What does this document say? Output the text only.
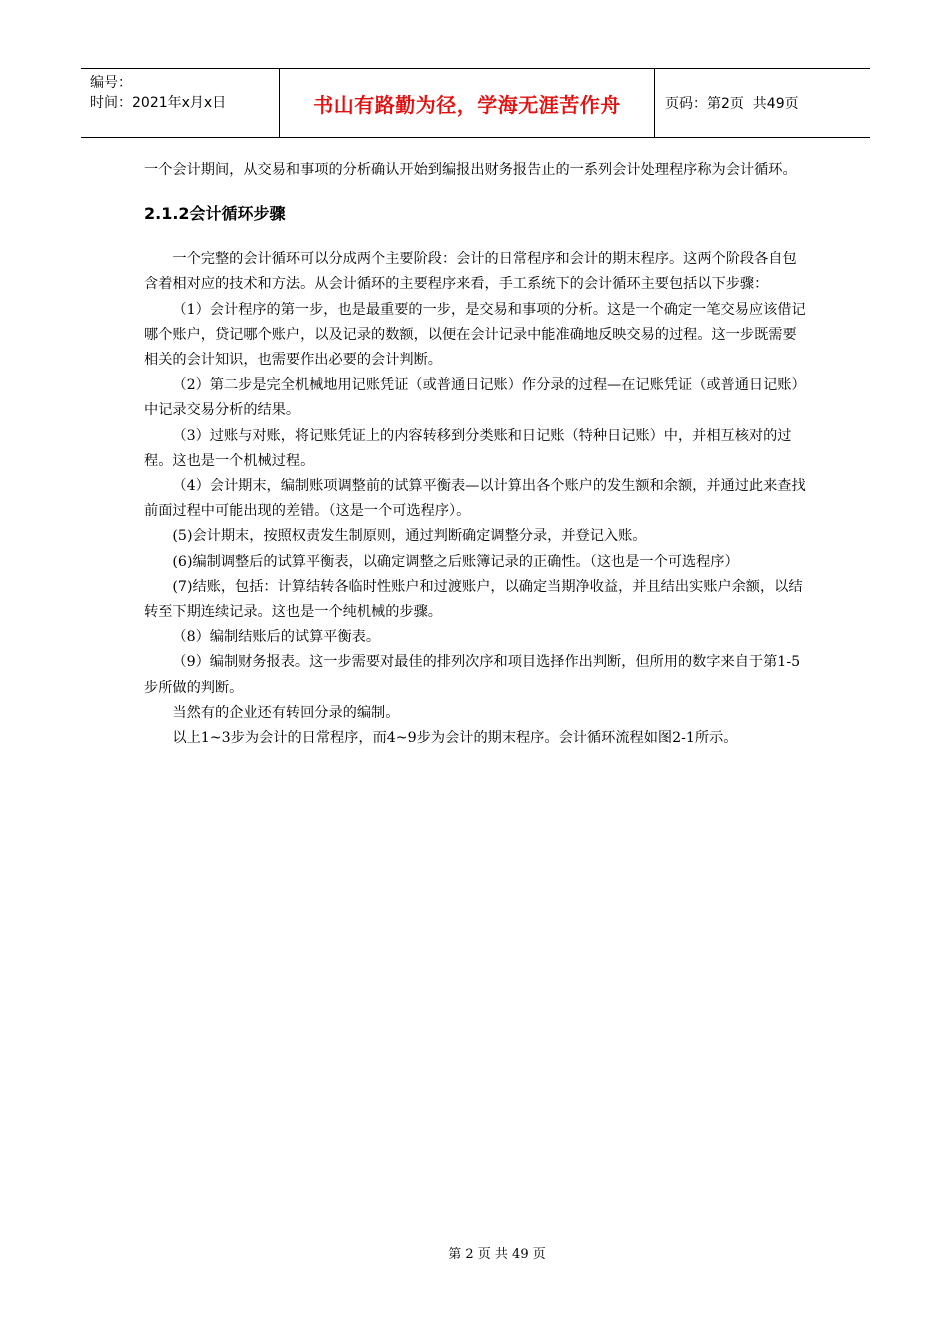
编号：
时间：2021年x月x日	书山有路勤为径，学海无涯苦作舟	页码：第2页  共49页

一个会计期间，从交易和事项的分析确认开始到编报出财务报告止的一系列会计处理程序称为会计循环。

2.1.2会计循环步骤

一个完整的会计循环可以分成两个主要阶段：会计的日常程序和会计的期末程序。这两个阶段各自包含着相对应的技术和方法。从会计循环的主要程序来看，手工系统下的会计循环主要包括以下步骤：

（1）会计程序的第一步，也是最重要的一步，是交易和事项的分析。这是一个确定一笔交易应该借记哪个账户，贷记哪个账户，以及记录的数额，以便在会计记录中能准确地反映交易的过程。这一步既需要相关的会计知识，也需要作出必要的会计判断。

（2）第二步是完全机械地用记账凭证（或普通日记账）作分录的过程—在记账凭证（或普通日记账）中记录交易分析的结果。

（3）过账与对账，将记账凭证上的内容转移到分类账和日记账（特种日记账）中，并相互核对的过程。这也是一个机械过程。

（4）会计期末，编制账项调整前的试算平衡表—以计算出各个账户的发生额和余额，并通过此来查找前面过程中可能出现的差错。（这是一个可选程序）。

(5)会计期末，按照权责发生制原则，通过判断确定调整分录，并登记入账。

(6)编制调整后的试算平衡表，以确定调整之后账簿记录的正确性。（这也是一个可选程序）

(7)结账，包括：计算结转各临时性账户和过渡账户，以确定当期净收益，并且结出实账户余额，以结转至下期连续记录。这也是一个纯机械的步骤。

（8）编制结账后的试算平衡表。

（9）编制财务报表。这一步需要对最佳的排列次序和项目选择作出判断，但所用的数字来自于第1-5步所做的判断。

当然有的企业还有转回分录的编制。

以上1~3步为会计的日常程序，而4~9步为会计的期末程序。会计循环流程如图2-1所示。

第 2 页 共 49 页
